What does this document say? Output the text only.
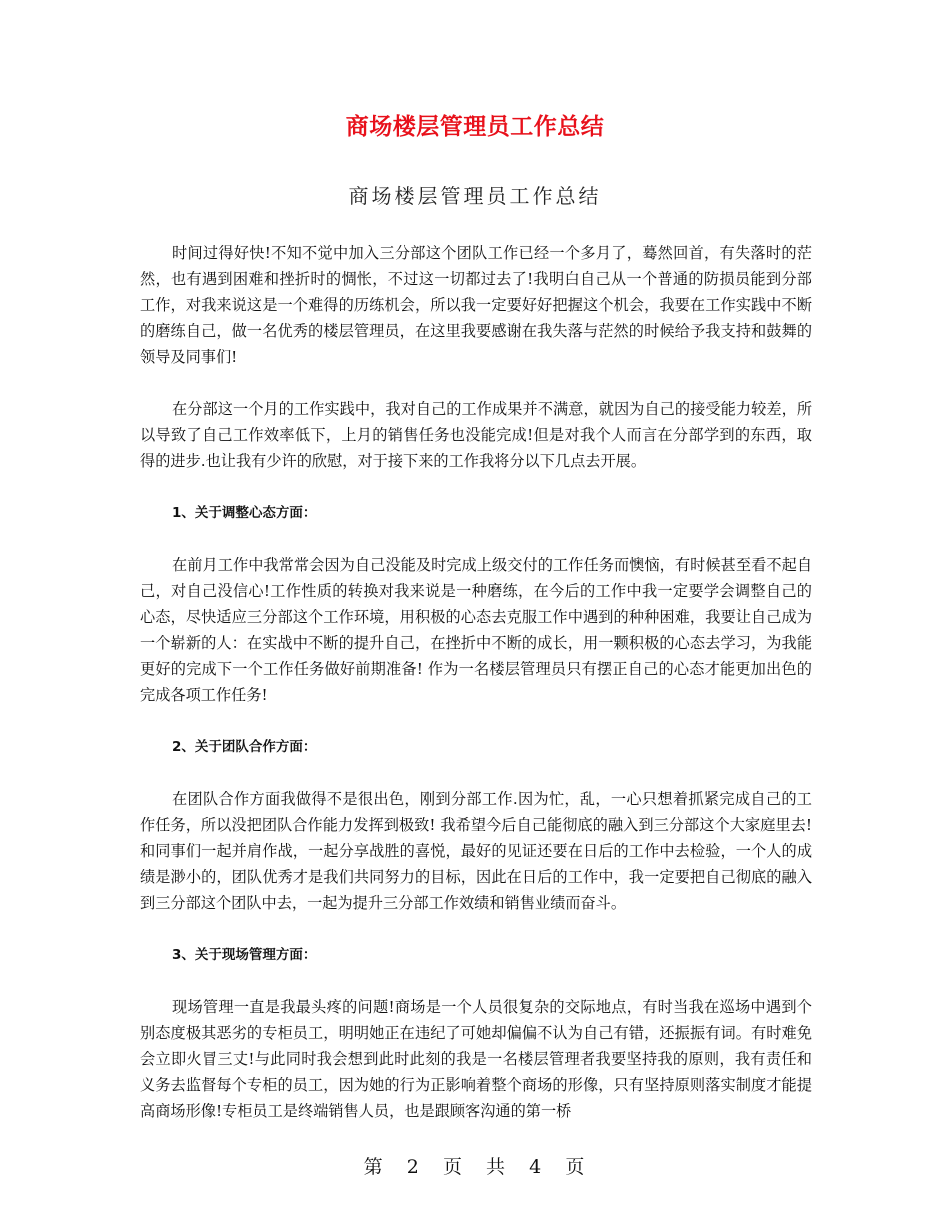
商场楼层管理员工作总结
商场楼层管理员工作总结

时间过得好快!不知不觉中加入三分部这个团队工作已经一个多月了，蓦然回首，有失落时的茫然，也有遇到困难和挫折时的惆怅，不过这一切都过去了!我明白自己从一个普通的防损员能到分部工作，对我来说这是一个难得的历练机会，所以我一定要好好把握这个机会，我要在工作实践中不断的磨练自己，做一名优秀的楼层管理员，在这里我要感谢在我失落与茫然的时候给予我支持和鼓舞的领导及同事们!

在分部这一个月的工作实践中，我对自己的工作成果并不满意，就因为自己的接受能力较差，所以导致了自己工作效率低下，上月的销售任务也没能完成!但是对我个人而言在分部学到的东西，取得的进步.也让我有少许的欣慰，对于接下来的工作我将分以下几点去开展。

1、关于调整心态方面：

在前月工作中我常常会因为自己没能及时完成上级交付的工作任务而懊恼，有时候甚至看不起自己，对自己没信心!工作性质的转换对我来说是一种磨练，在今后的工作中我一定要学会调整自己的心态，尽快适应三分部这个工作环境，用积极的心态去克服工作中遇到的种种困难，我要让自己成为一个崭新的人：在实战中不断的提升自己，在挫折中不断的成长，用一颗积极的心态去学习，为我能更好的完成下一个工作任务做好前期准备! 作为一名楼层管理员只有摆正自己的心态才能更加出色的完成各项工作任务!

2、关于团队合作方面：

在团队合作方面我做得不是很出色，刚到分部工作.因为忙，乱，一心只想着抓紧完成自己的工作任务，所以没把团队合作能力发挥到极致! 我希望今后自己能彻底的融入到三分部这个大家庭里去!和同事们一起并肩作战，一起分享战胜的喜悦，最好的见证还要在日后的工作中去检验，一个人的成绩是渺小的，团队优秀才是我们共同努力的目标，因此在日后的工作中，我一定要把自己彻底的融入到三分部这个团队中去，一起为提升三分部工作效绩和销售业绩而奋斗。

3、关于现场管理方面：

现场管理一直是我最头疼的问题!商场是一个人员很复杂的交际地点，有时当我在巡场中遇到个别态度极其恶劣的专柜员工，明明她正在违纪了可她却偏偏不认为自己有错，还振振有词。有时难免会立即火冒三丈!与此同时我会想到此时此刻的我是一名楼层管理者我要坚持我的原则，我有责任和义务去监督每个专柜的员工，因为她的行为正影响着整个商场的形像，只有坚持原则落实制度才能提高商场形像!专柜员工是终端销售人员，也是跟顾客沟通的第一桥

第 2 页 共 4 页
